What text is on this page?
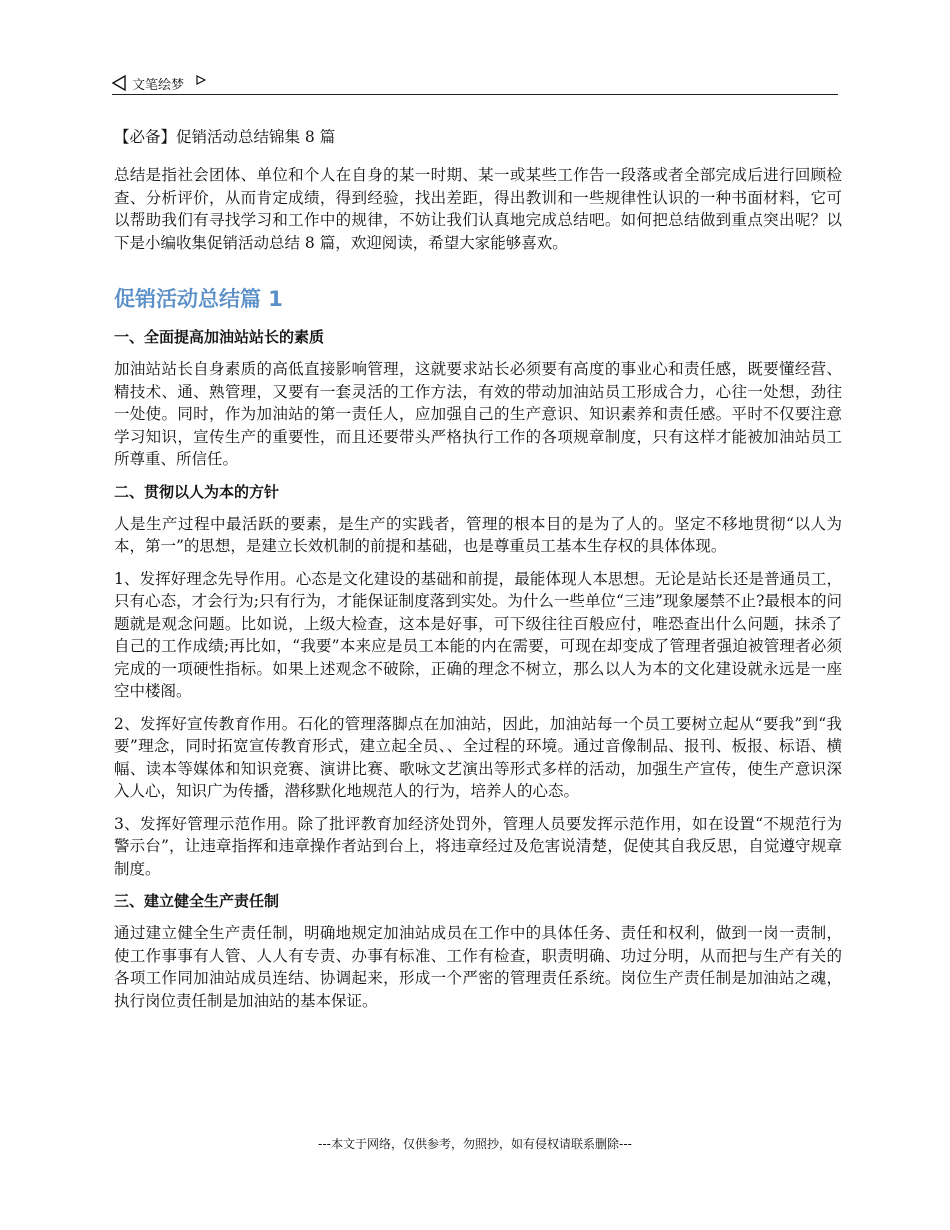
文笔绘梦

【必备】促销活动总结锦集 8 篇

总结是指社会团体、单位和个人在自身的某一时期、某一或某些工作告一段落或者全部完成后进行回顾检查、分析评价，从而肯定成绩，得到经验，找出差距，得出教训和一些规律性认识的一种书面材料，它可以帮助我们有寻找学习和工作中的规律，不妨让我们认真地完成总结吧。如何把总结做到重点突出呢？以下是小编收集促销活动总结 8 篇，欢迎阅读，希望大家能够喜欢。

促销活动总结篇 1

一、全面提高加油站站长的素质

加油站站长自身素质的高低直接影响管理，这就要求站长必须要有高度的事业心和责任感，既要懂经营、精技术、通、熟管理，又要有一套灵活的工作方法，有效的带动加油站员工形成合力，心往一处想，劲往一处使。同时，作为加油站的第一责任人，应加强自己的生产意识、知识素养和责任感。平时不仅要注意学习知识，宣传生产的重要性，而且还要带头严格执行工作的各项规章制度，只有这样才能被加油站员工所尊重、所信任。

二、贯彻以人为本的方针

人是生产过程中最活跃的要素，是生产的实践者，管理的根本目的是为了人的。坚定不移地贯彻“以人为本，第一”的思想，是建立长效机制的前提和基础，也是尊重员工基本生存权的具体体现。

1、发挥好理念先导作用。心态是文化建设的基础和前提，最能体现人本思想。无论是站长还是普通员工，只有心态，才会行为;只有行为，才能保证制度落到实处。为什么一些单位“三违”现象屡禁不止?最根本的问题就是观念问题。比如说，上级大检查，这本是好事，可下级往往百般应付，唯恐查出什么问题，抹杀了自己的工作成绩;再比如，“我要”本来应是员工本能的内在需要，可现在却变成了管理者强迫被管理者必须完成的一项硬性指标。如果上述观念不破除，正确的理念不树立，那么以人为本的文化建设就永远是一座空中楼阁。

2、发挥好宣传教育作用。石化的管理落脚点在加油站，因此，加油站每一个员工要树立起从“要我”到“我要”理念，同时拓宽宣传教育形式，建立起全员、、全过程的环境。通过音像制品、报刊、板报、标语、横幅、读本等媒体和知识竞赛、演讲比赛、歌咏文艺演出等形式多样的活动，加强生产宣传，使生产意识深入人心，知识广为传播，潜移默化地规范人的行为，培养人的心态。

3、发挥好管理示范作用。除了批评教育加经济处罚外，管理人员要发挥示范作用，如在设置“不规范行为警示台”，让违章指挥和违章操作者站到台上，将违章经过及危害说清楚，促使其自我反思，自觉遵守规章制度。

三、建立健全生产责任制

通过建立健全生产责任制，明确地规定加油站成员在工作中的具体任务、责任和权利，做到一岗一责制，使工作事事有人管、人人有专责、办事有标准、工作有检查，职责明确、功过分明，从而把与生产有关的各项工作同加油站成员连结、协调起来，形成一个严密的管理责任系统。岗位生产责任制是加油站之魂，执行岗位责任制是加油站的基本保证。

---本文于网络，仅供参考，勿照抄，如有侵权请联系删除---
